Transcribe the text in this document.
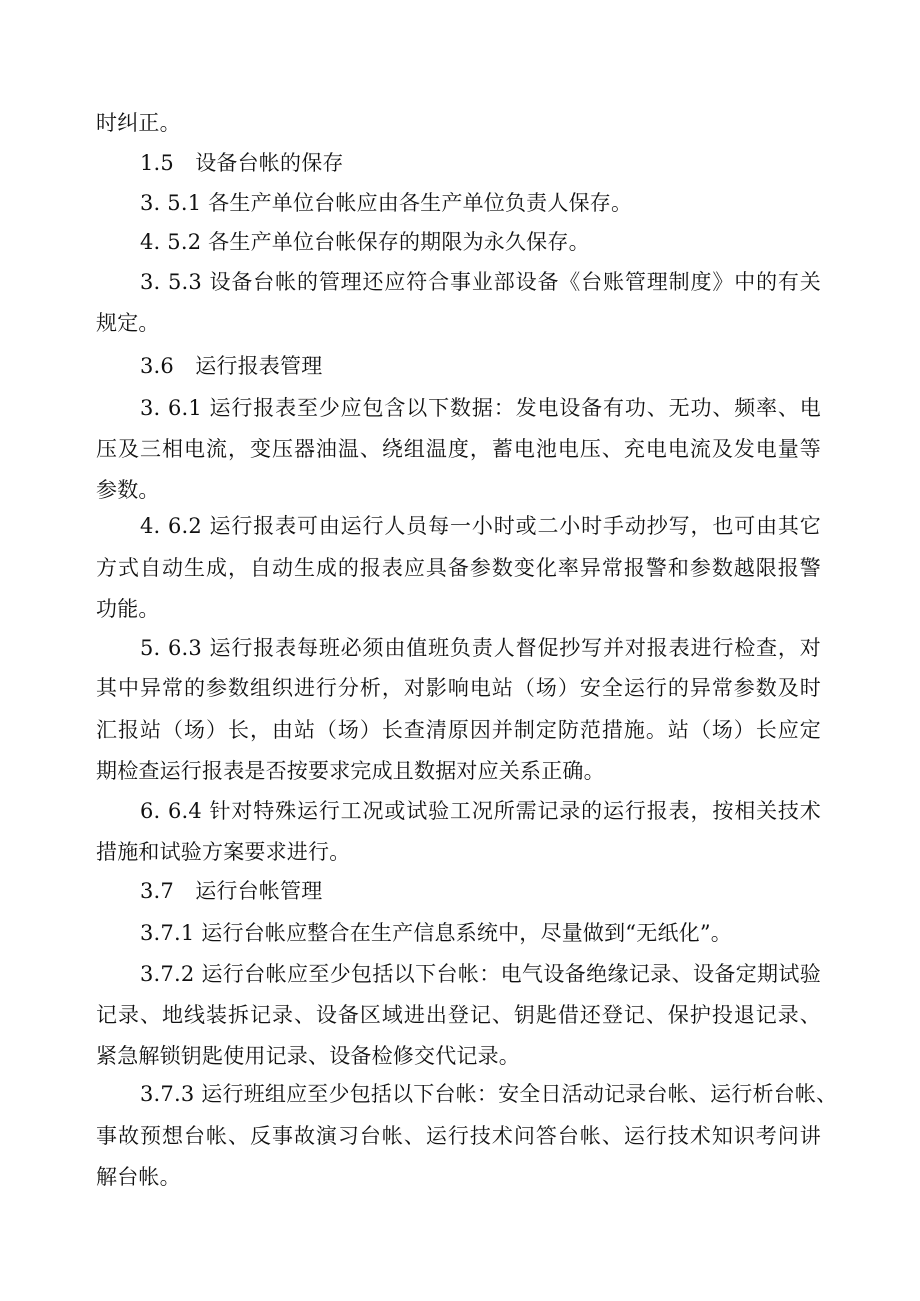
时纠正。
1.5　设备台帐的保存
3. 5.1 各生产单位台帐应由各生产单位负责人保存。
4. 5.2 各生产单位台帐保存的期限为永久保存。
3. 5.3 设备台帐的管理还应符合事业部设备《台账管理制度》中的有关
规定。
3.6　运行报表管理
3. 6.1 运行报表至少应包含以下数据：发电设备有功、无功、频率、电
压及三相电流，变压器油温、绕组温度，蓄电池电压、充电电流及发电量等
参数。
4. 6.2 运行报表可由运行人员每一小时或二小时手动抄写，也可由其它
方式自动生成，自动生成的报表应具备参数变化率异常报警和参数越限报警
功能。
5. 6.3 运行报表每班必须由值班负责人督促抄写并对报表进行检查，对
其中异常的参数组织进行分析，对影响电站（场）安全运行的异常参数及时
汇报站（场）长，由站（场）长查清原因并制定防范措施。站（场）长应定
期检查运行报表是否按要求完成且数据对应关系正确。
6. 6.4 针对特殊运行工况或试验工况所需记录的运行报表，按相关技术
措施和试验方案要求进行。
3.7　运行台帐管理
3.7.1 运行台帐应整合在生产信息系统中，尽量做到“无纸化”。
3.7.2 运行台帐应至少包括以下台帐：电气设备绝缘记录、设备定期试验
记录、地线装拆记录、设备区域进出登记、钥匙借还登记、保护投退记录、
紧急解锁钥匙使用记录、设备检修交代记录。
3.7.3 运行班组应至少包括以下台帐：安全日活动记录台帐、运行析台帐、
事故预想台帐、反事故演习台帐、运行技术问答台帐、运行技术知识考问讲
解台帐。
